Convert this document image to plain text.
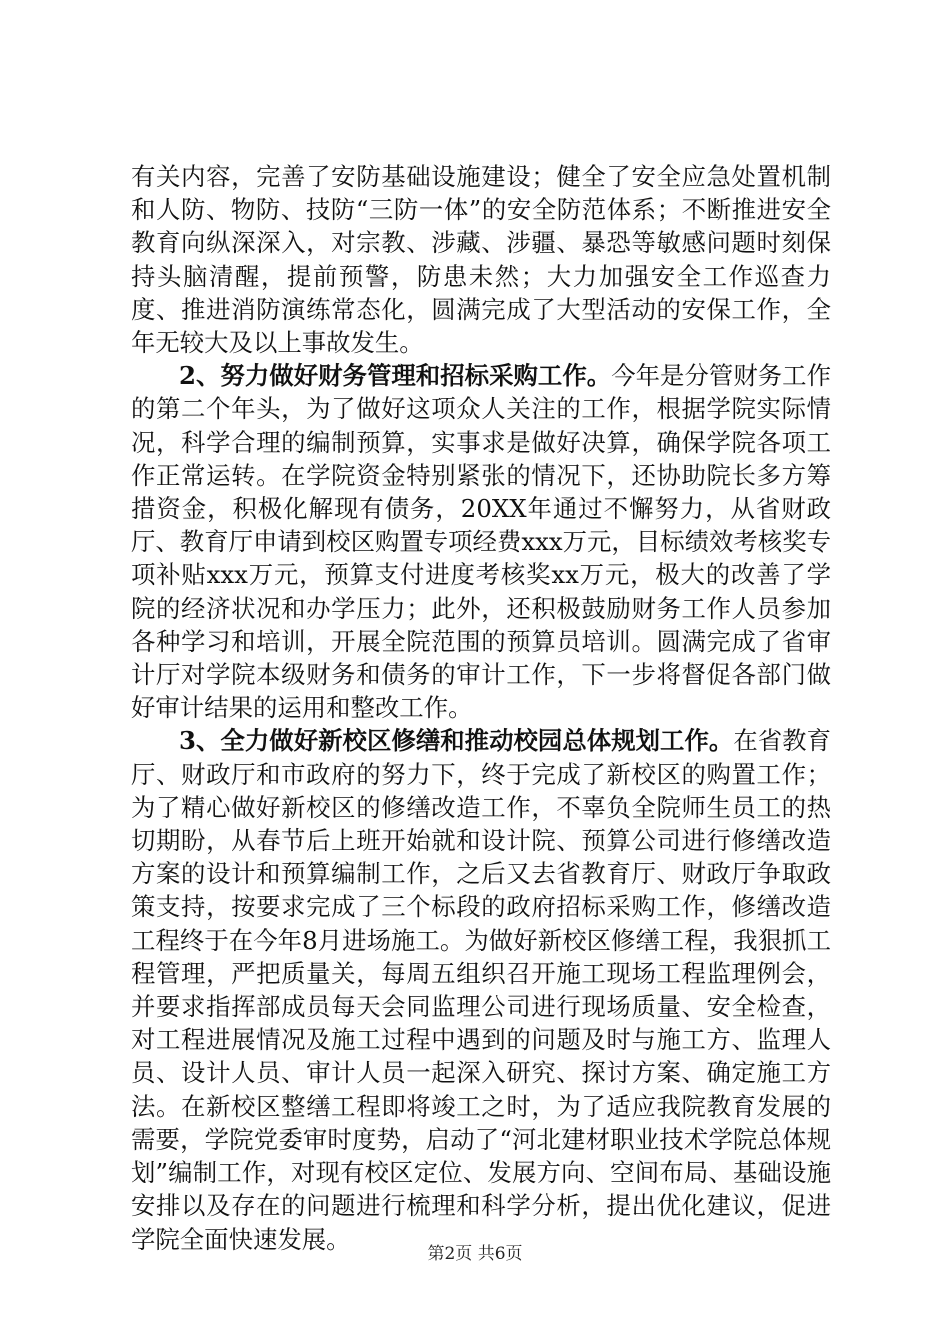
有关内容，完善了安防基础设施建设；健全了安全应急处置机制和人防、物防、技防“三防一体”的安全防范体系；不断推进安全教育向纵深深入，对宗教、涉藏、涉疆、暴恐等敏感问题时刻保持头脑清醒，提前预警，防患未然；大力加强安全工作巡查力度、推进消防演练常态化，圆满完成了大型活动的安保工作，全年无较大及以上事故发生。

2、努力做好财务管理和招标采购工作。今年是分管财务工作的第二个年头，为了做好这项众人关注的工作，根据学院实际情况，科学合理的编制预算，实事求是做好决算，确保学院各项工作正常运转。在学院资金特别紧张的情况下，还协助院长多方筹措资金，积极化解现有债务，20XX年通过不懈努力，从省财政厅、教育厅申请到校区购置专项经费xxx万元，目标绩效考核奖专项补贴xxx万元，预算支付进度考核奖xx万元，极大的改善了学院的经济状况和办学压力；此外，还积极鼓励财务工作人员参加各种学习和培训，开展全院范围的预算员培训。圆满完成了省审计厅对学院本级财务和债务的审计工作，下一步将督促各部门做好审计结果的运用和整改工作。

3、全力做好新校区修缮和推动校园总体规划工作。在省教育厅、财政厅和市政府的努力下，终于完成了新校区的购置工作；为了精心做好新校区的修缮改造工作，不辜负全院师生员工的热切期盼，从春节后上班开始就和设计院、预算公司进行修缮改造方案的设计和预算编制工作，之后又去省教育厅、财政厅争取政策支持，按要求完成了三个标段的政府招标采购工作，修缮改造工程终于在今年8月进场施工。为做好新校区修缮工程，我狠抓工程管理，严把质量关，每周五组织召开施工现场工程监理例会，并要求指挥部成员每天会同监理公司进行现场质量、安全检查，对工程进展情况及施工过程中遇到的问题及时与施工方、监理人员、设计人员、审计人员一起深入研究、探讨方案、确定施工方法。在新校区整缮工程即将竣工之时，为了适应我院教育发展的需要，学院党委审时度势，启动了“河北建材职业技术学院总体规划”编制工作，对现有校区定位、发展方向、空间布局、基础设施安排以及存在的问题进行梳理和科学分析，提出优化建议，促进学院全面快速发展。

第2页 共6页
